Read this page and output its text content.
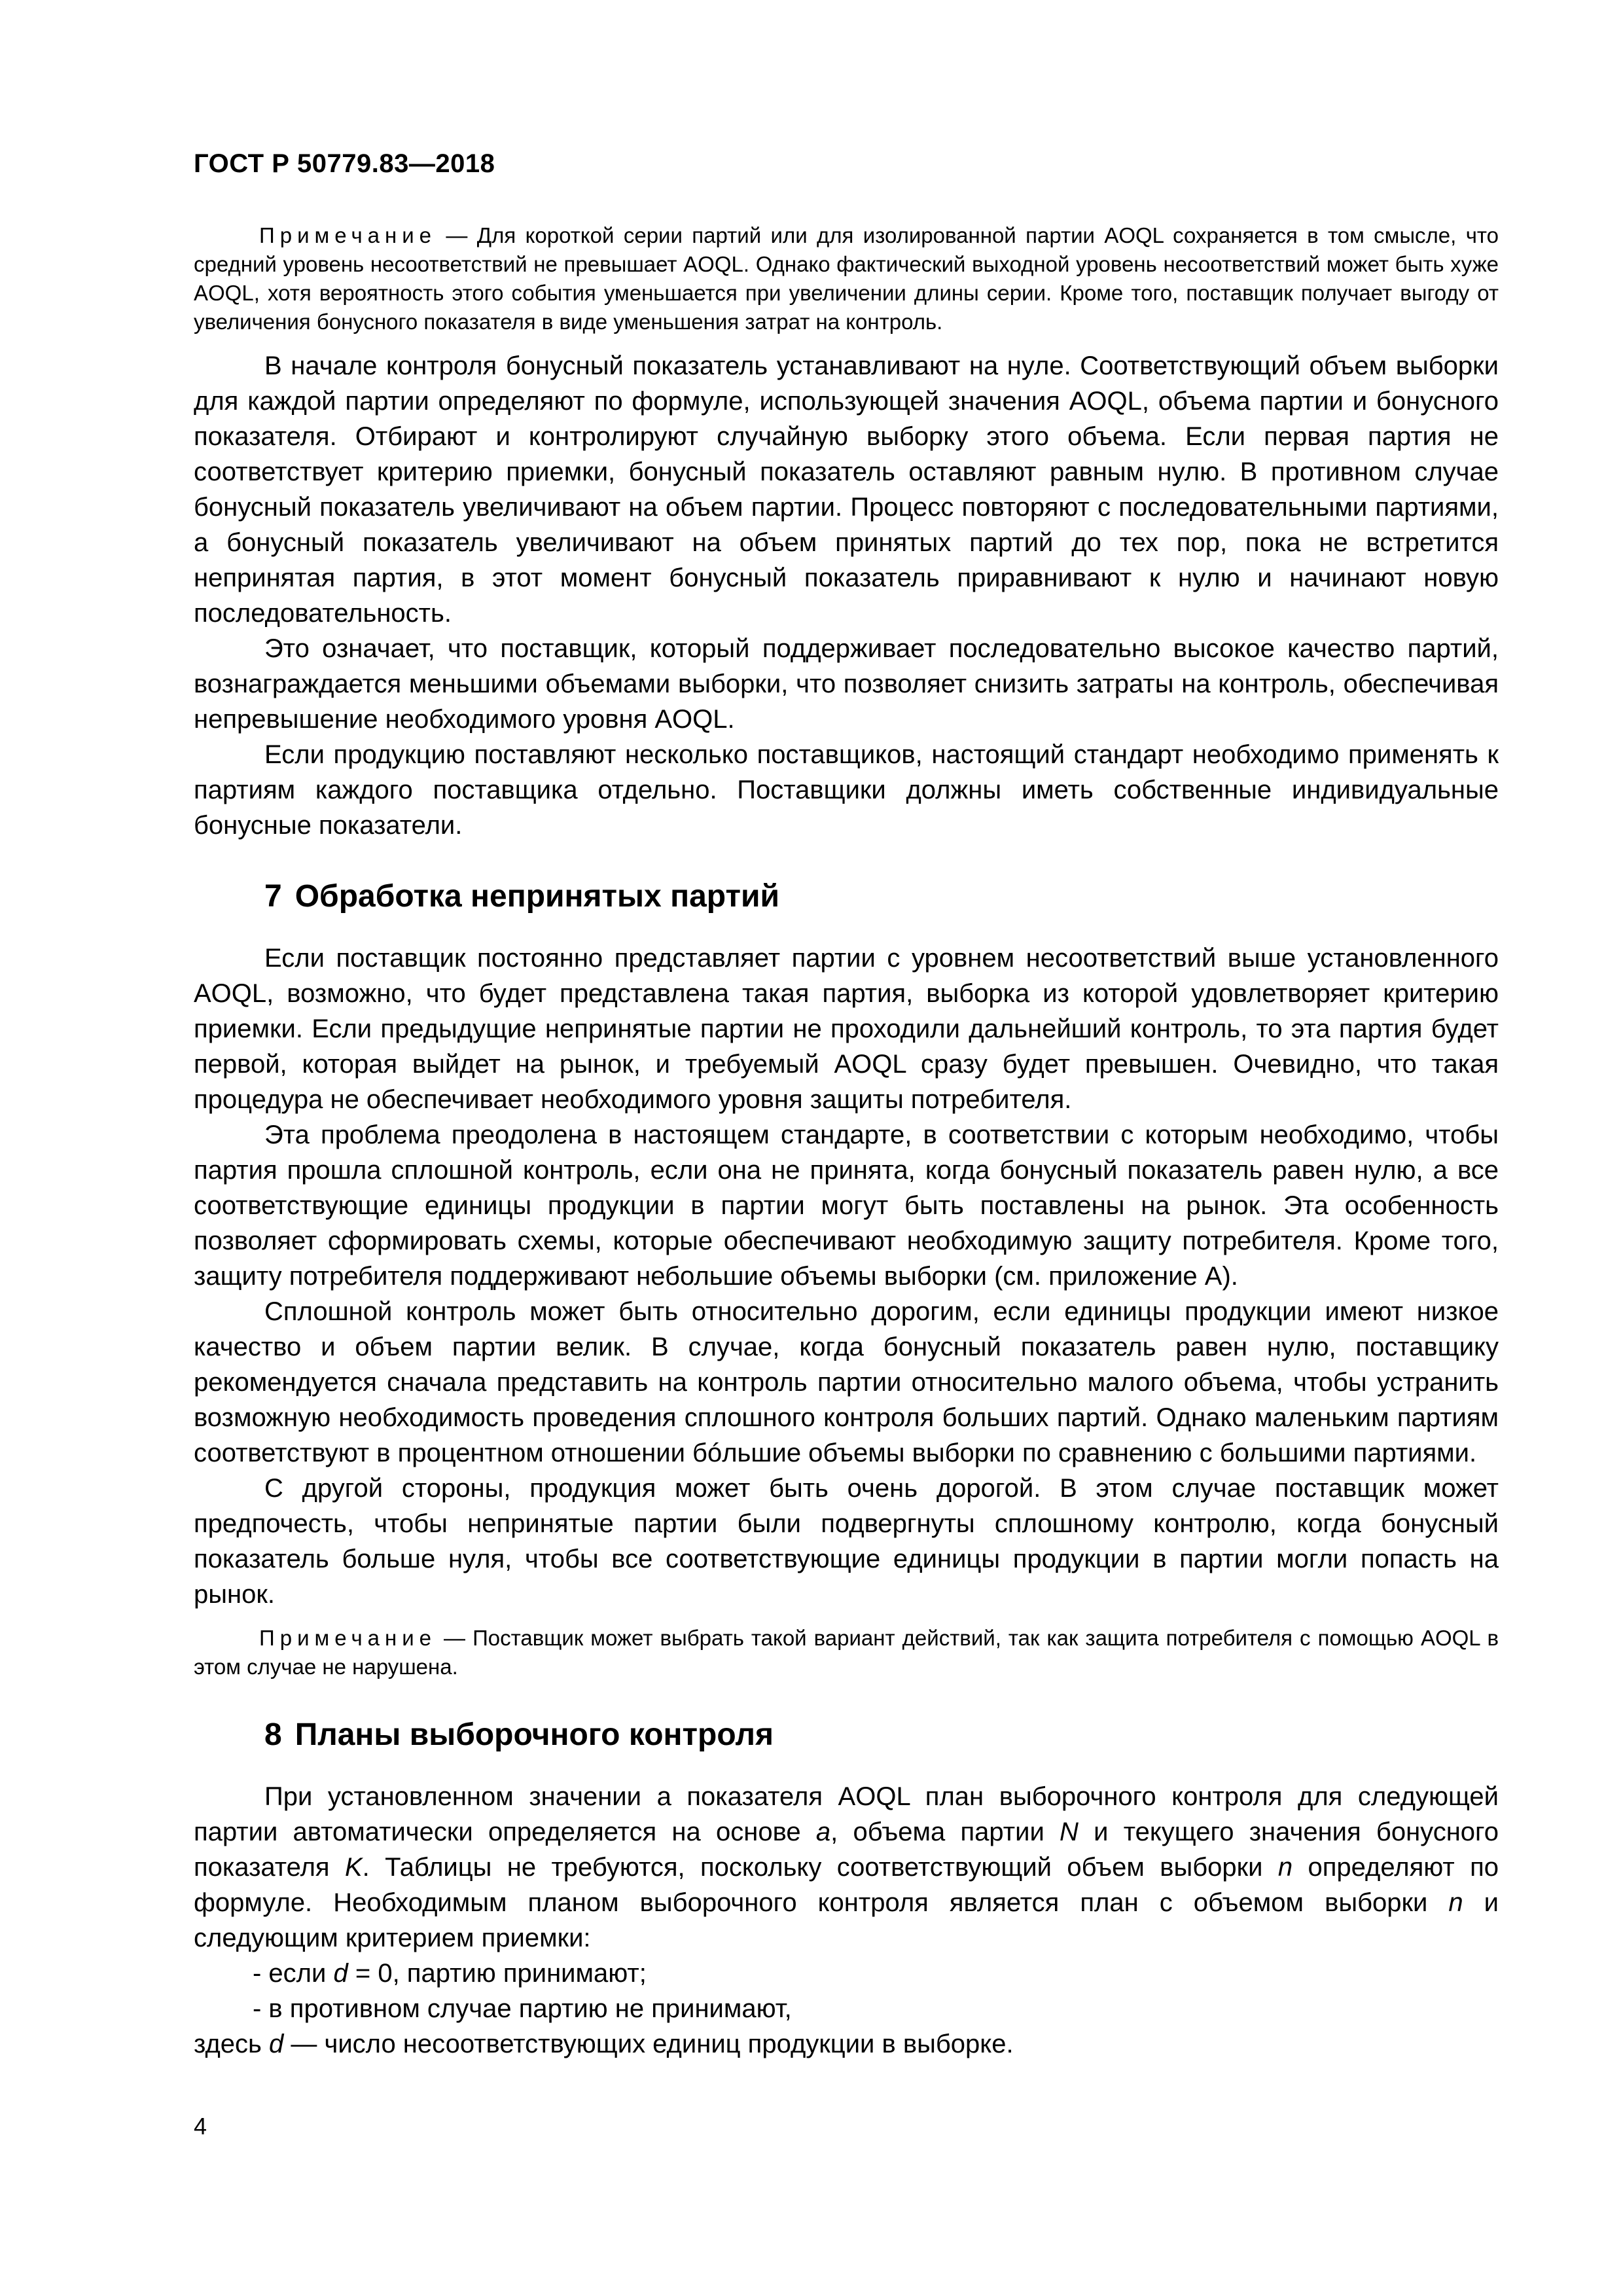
ГОСТ Р 50779.83—2018

Примечание — Для короткой серии партий или для изолированной партии AOQL сохраняется в том смысле, что средний уровень несоответствий не превышает AOQL. Однако фактический выходной уровень несоответствий может быть хуже AOQL, хотя вероятность этого события уменьшается при увеличении длины серии. Кроме того, поставщик получает выгоду от увеличения бонусного показателя в виде уменьшения затрат на контроль.

В начале контроля бонусный показатель устанавливают на нуле. Соответствующий объем выборки для каждой партии определяют по формуле, использующей значения AOQL, объема партии и бонусного показателя. Отбирают и контролируют случайную выборку этого объема. Если первая партия не соответствует критерию приемки, бонусный показатель оставляют равным нулю. В противном случае бонусный показатель увеличивают на объем партии. Процесс повторяют с последовательными партиями, а бонусный показатель увеличивают на объем принятых партий до тех пор, пока не встретится непринятая партия, в этот момент бонусный показатель приравнивают к нулю и начинают новую последовательность.

Это означает, что поставщик, который поддерживает последовательно высокое качество партий, вознаграждается меньшими объемами выборки, что позволяет снизить затраты на контроль, обеспечивая непревышение необходимого уровня AOQL.

Если продукцию поставляют несколько поставщиков, настоящий стандарт необходимо применять к партиям каждого поставщика отдельно. Поставщики должны иметь собственные индивидуальные бонусные показатели.

7 Обработка непринятых партий

Если поставщик постоянно представляет партии с уровнем несоответствий выше установленного AOQL, возможно, что будет представлена такая партия, выборка из которой удовлетворяет критерию приемки. Если предыдущие непринятые партии не проходили дальнейший контроль, то эта партия будет первой, которая выйдет на рынок, и требуемый AOQL сразу будет превышен. Очевидно, что такая процедура не обеспечивает необходимого уровня защиты потребителя.

Эта проблема преодолена в настоящем стандарте, в соответствии с которым необходимо, чтобы партия прошла сплошной контроль, если она не принята, когда бонусный показатель равен нулю, а все соответствующие единицы продукции в партии могут быть поставлены на рынок. Эта особенность позволяет сформировать схемы, которые обеспечивают необходимую защиту потребителя. Кроме того, защиту потребителя поддерживают небольшие объемы выборки (см. приложение А).

Сплошной контроль может быть относительно дорогим, если единицы продукции имеют низкое качество и объем партии велик. В случае, когда бонусный показатель равен нулю, поставщику рекомендуется сначала представить на контроль партии относительно малого объема, чтобы устранить возможную необходимость проведения сплошного контроля больших партий. Однако маленьким партиям соответствуют в процентном отношении бóльшие объемы выборки по сравнению с большими партиями.

С другой стороны, продукция может быть очень дорогой. В этом случае поставщик может предпочесть, чтобы непринятые партии были подвергнуты сплошному контролю, когда бонусный показатель больше нуля, чтобы все соответствующие единицы продукции в партии могли попасть на рынок.

Примечание — Поставщик может выбрать такой вариант действий, так как защита потребителя с помощью AOQL в этом случае не нарушена.

8 Планы выборочного контроля

При установленном значении a показателя AOQL план выборочного контроля для следующей партии автоматически определяется на основе a, объема партии N и текущего значения бонусного показателя K. Таблицы не требуются, поскольку соответствующий объем выборки n определяют по формуле. Необходимым планом выборочного контроля является план с объемом выборки n и следующим критерием приемки:

- если d = 0, партию принимают;

- в противном случае партию не принимают,

здесь d — число несоответствующих единиц продукции в выборке.

4
